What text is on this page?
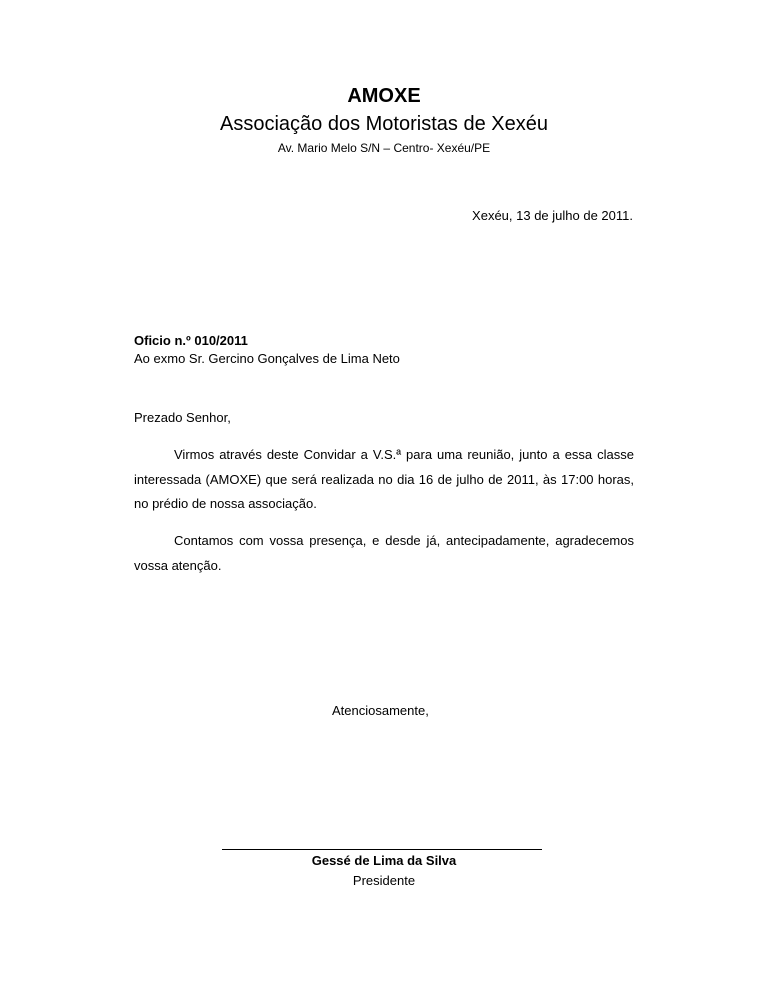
AMOXE
Associação dos Motoristas de Xexéu
Av. Mario Melo S/N – Centro- Xexéu/PE
Xexéu, 13 de julho de 2011.
Oficio n.º 010/2011
Ao exmo Sr. Gercino Gonçalves de Lima Neto
Prezado Senhor,

Virmos através deste Convidar a V.S.ª para uma reunião, junto a essa classe interessada (AMOXE) que será realizada no dia 16 de julho de 2011, às 17:00 horas, no prédio de nossa associação.

Contamos com vossa presença, e desde já, antecipadamente, agradecemos vossa atenção.

Atenciosamente,
Gessé de Lima da Silva
Presidente
